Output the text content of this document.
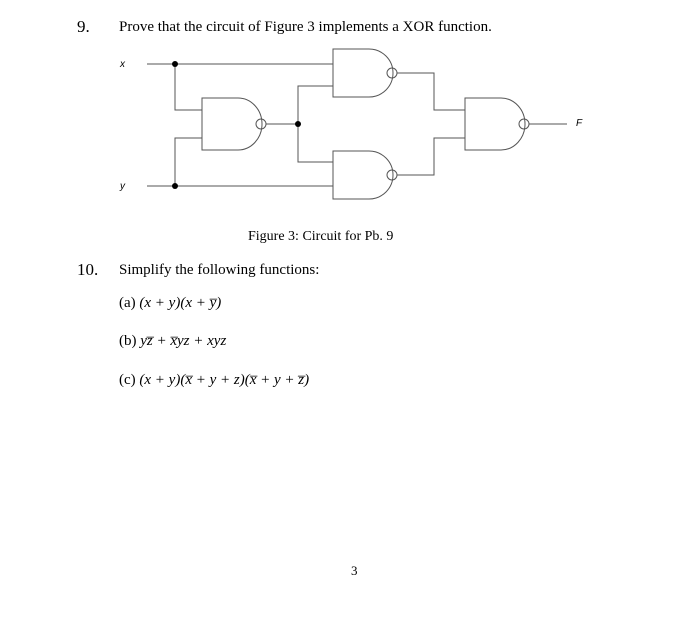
9. Prove that the circuit of Figure 3 implements a XOR function.
x
y
F
Figure 3: Circuit for Pb. 9
10. Simplify the following functions:
(a) (x + y)(x + y̅)
(b) yz̅ + x̅yz + xyz
(c) (x + y)(x̅ + y + z)(x̅ + y + z̅)
3
